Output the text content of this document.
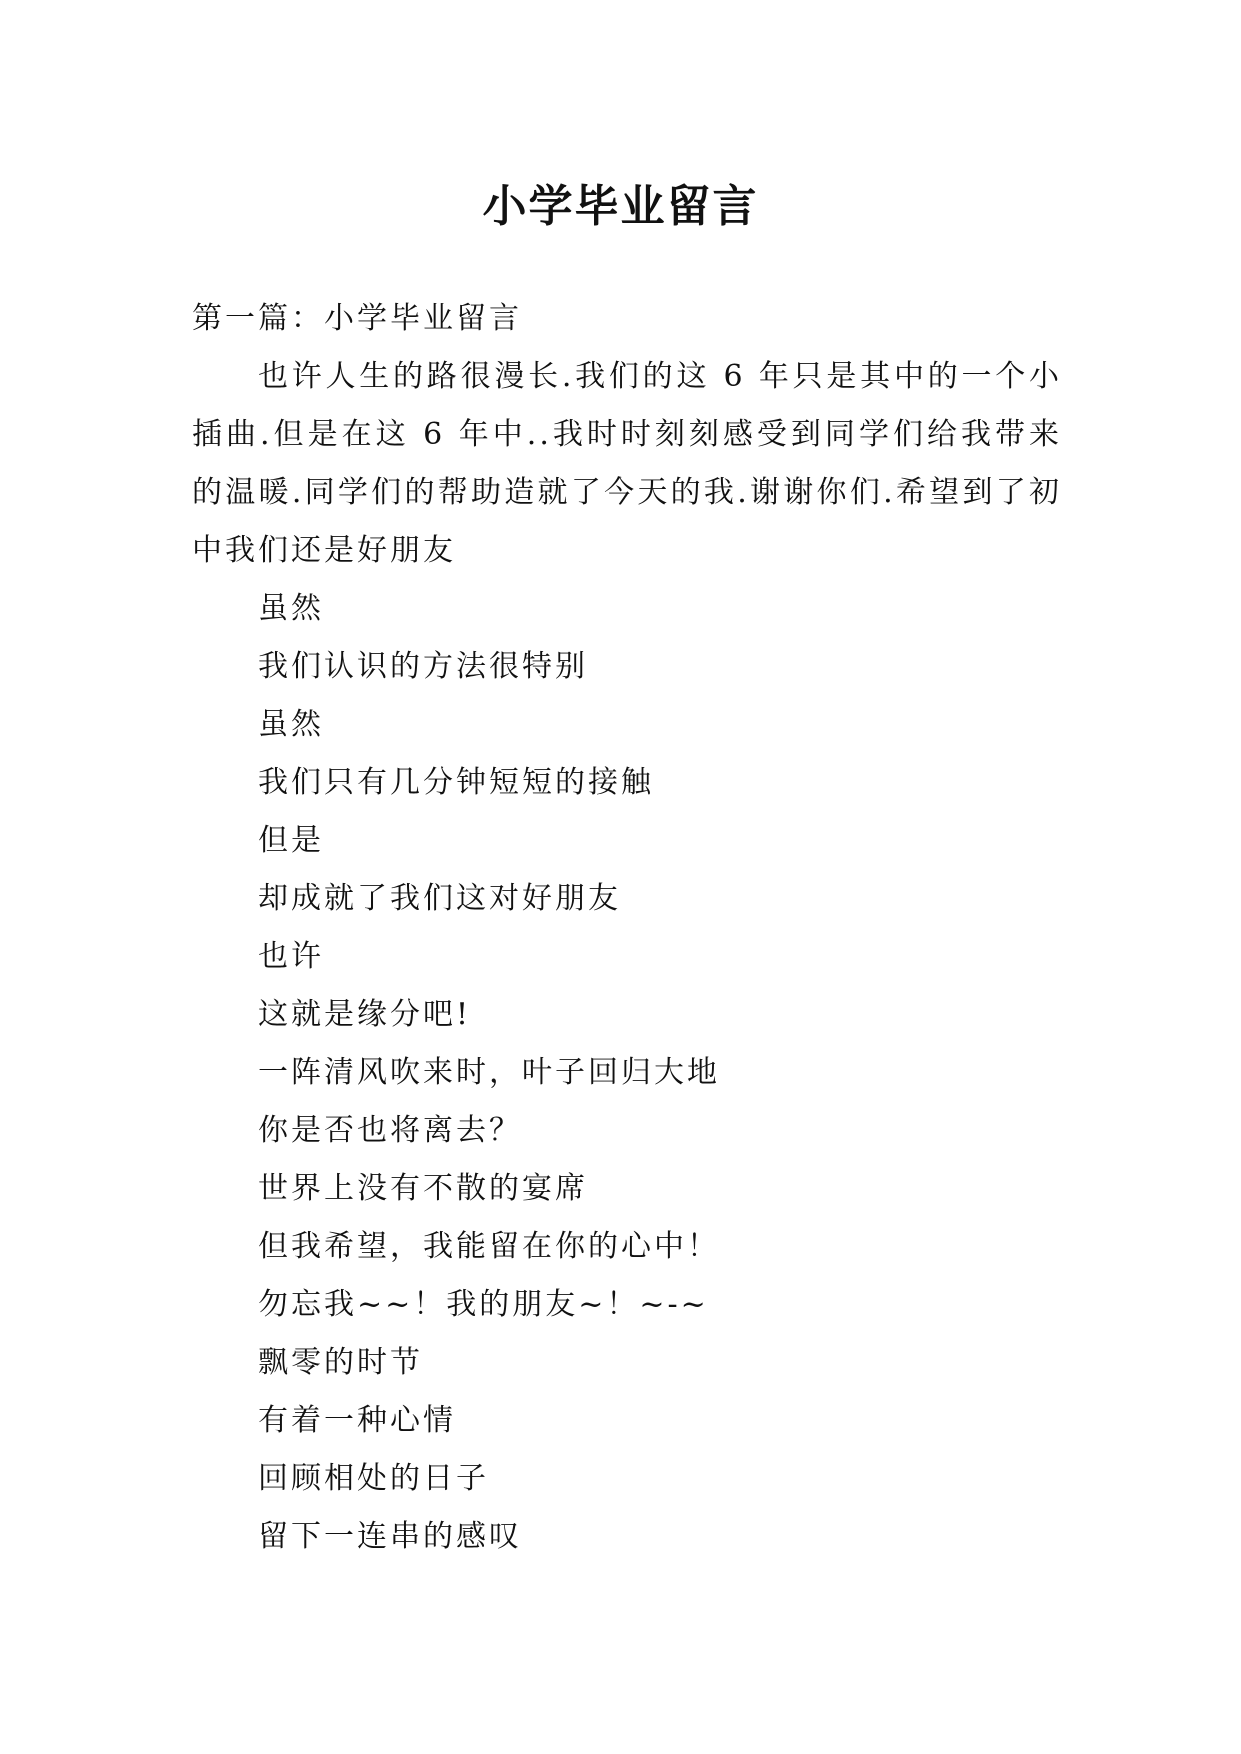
小学毕业留言

第一篇：小学毕业留言

也许人生的路很漫长.我们的这 6 年只是其中的一个小插曲.但是在这 6 年中..我时时刻刻感受到同学们给我带来的温暖.同学们的帮助造就了今天的我.谢谢你们.希望到了初中我们还是好朋友

虽然
我们认识的方法很特别
虽然
我们只有几分钟短短的接触
但是
却成就了我们这对好朋友
也许
这就是缘分吧!
一阵清风吹来时，叶子回归大地
你是否也将离去？
世界上没有不散的宴席
但我希望，我能留在你的心中！
勿忘我~~！我的朋友~！~-~
飘零的时节
有着一种心情
回顾相处的日子
留下一连串的感叹
